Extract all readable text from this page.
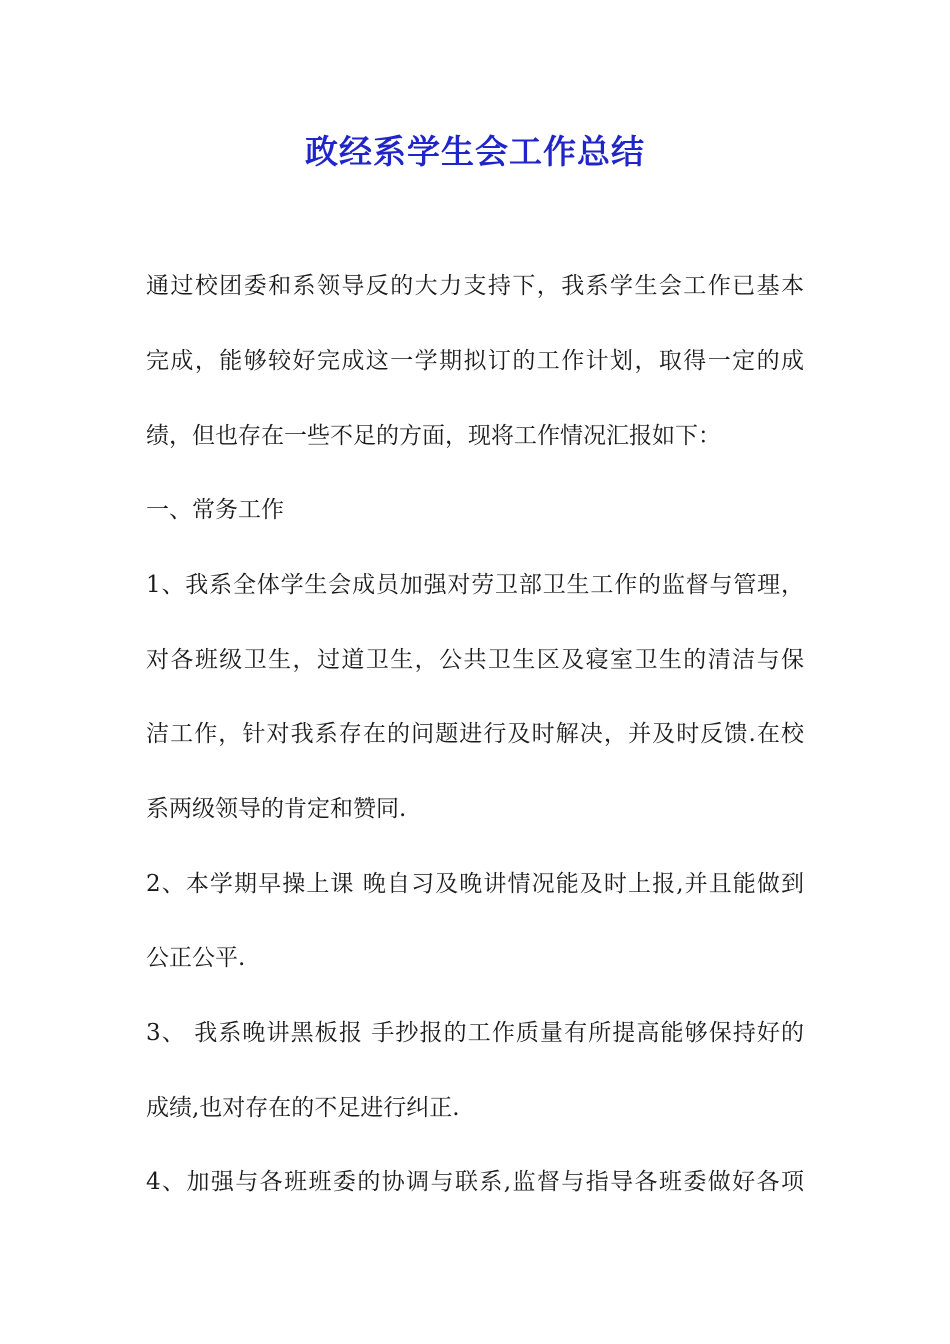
政经系学生会工作总结
通过校团委和系领导反的大力支持下，我系学生会工作已基本
完成，能够较好完成这一学期拟订的工作计划，取得一定的成
绩，但也存在一些不足的方面，现将工作情况汇报如下：
一、常务工作
1、我系全体学生会成员加强对劳卫部卫生工作的监督与管理，
对各班级卫生，过道卫生，公共卫生区及寝室卫生的清洁与保
洁工作，针对我系存在的问题进行及时解决，并及时反馈.在校
系两级领导的肯定和赞同.
2、本学期早操上课 晚自习及晚讲情况能及时上报,并且能做到
公正公平.
3、 我系晚讲黑板报 手抄报的工作质量有所提高能够保持好的
成绩,也对存在的不足进行纠正.
4、加强与各班班委的协调与联系,监督与指导各班委做好各项
